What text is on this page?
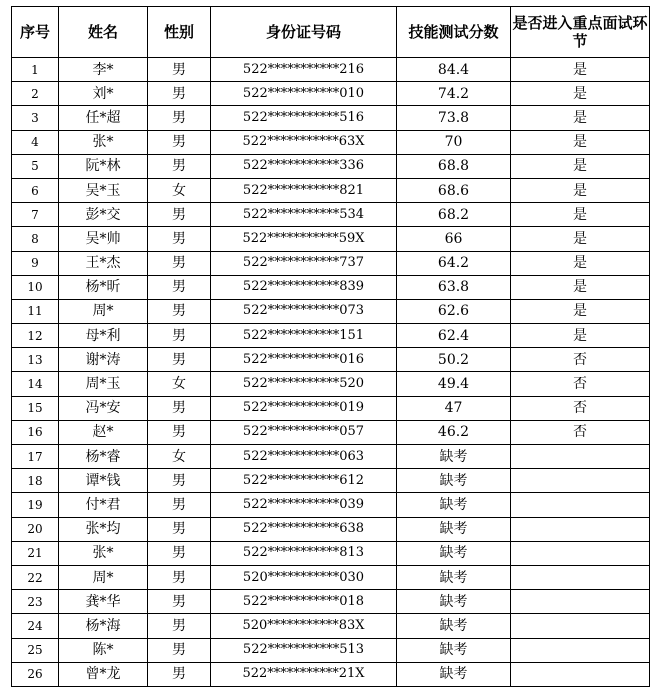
序号	姓名	性别	身份证号码	技能测试分数	是否进入重点面试环节
1	李*	男	522***********216	84.4	是
2	刘*	男	522***********010	74.2	是
3	任*超	男	522***********516	73.8	是
4	张*	男	522***********63X	70	是
5	阮*林	男	522***********336	68.8	是
6	吴*玉	女	522***********821	68.6	是
7	彭*交	男	522***********534	68.2	是
8	吴*帅	男	522***********59X	66	是
9	王*杰	男	522***********737	64.2	是
10	杨*昕	男	522***********839	63.8	是
11	周*	男	522***********073	62.6	是
12	母*利	男	522***********151	62.4	是
13	谢*涛	男	522***********016	50.2	否
14	周*玉	女	522***********520	49.4	否
15	冯*安	男	522***********019	47	否
16	赵*	男	522***********057	46.2	否
17	杨*睿	女	522***********063	缺考	
18	谭*钱	男	522***********612	缺考	
19	付*君	男	522***********039	缺考	
20	张*均	男	522***********638	缺考	
21	张*	男	522***********813	缺考	
22	周*	男	520***********030	缺考	
23	龚*华	男	522***********018	缺考	
24	杨*海	男	520***********83X	缺考	
25	陈*	男	522***********513	缺考	
26	曾*龙	男	522***********21X	缺考	
